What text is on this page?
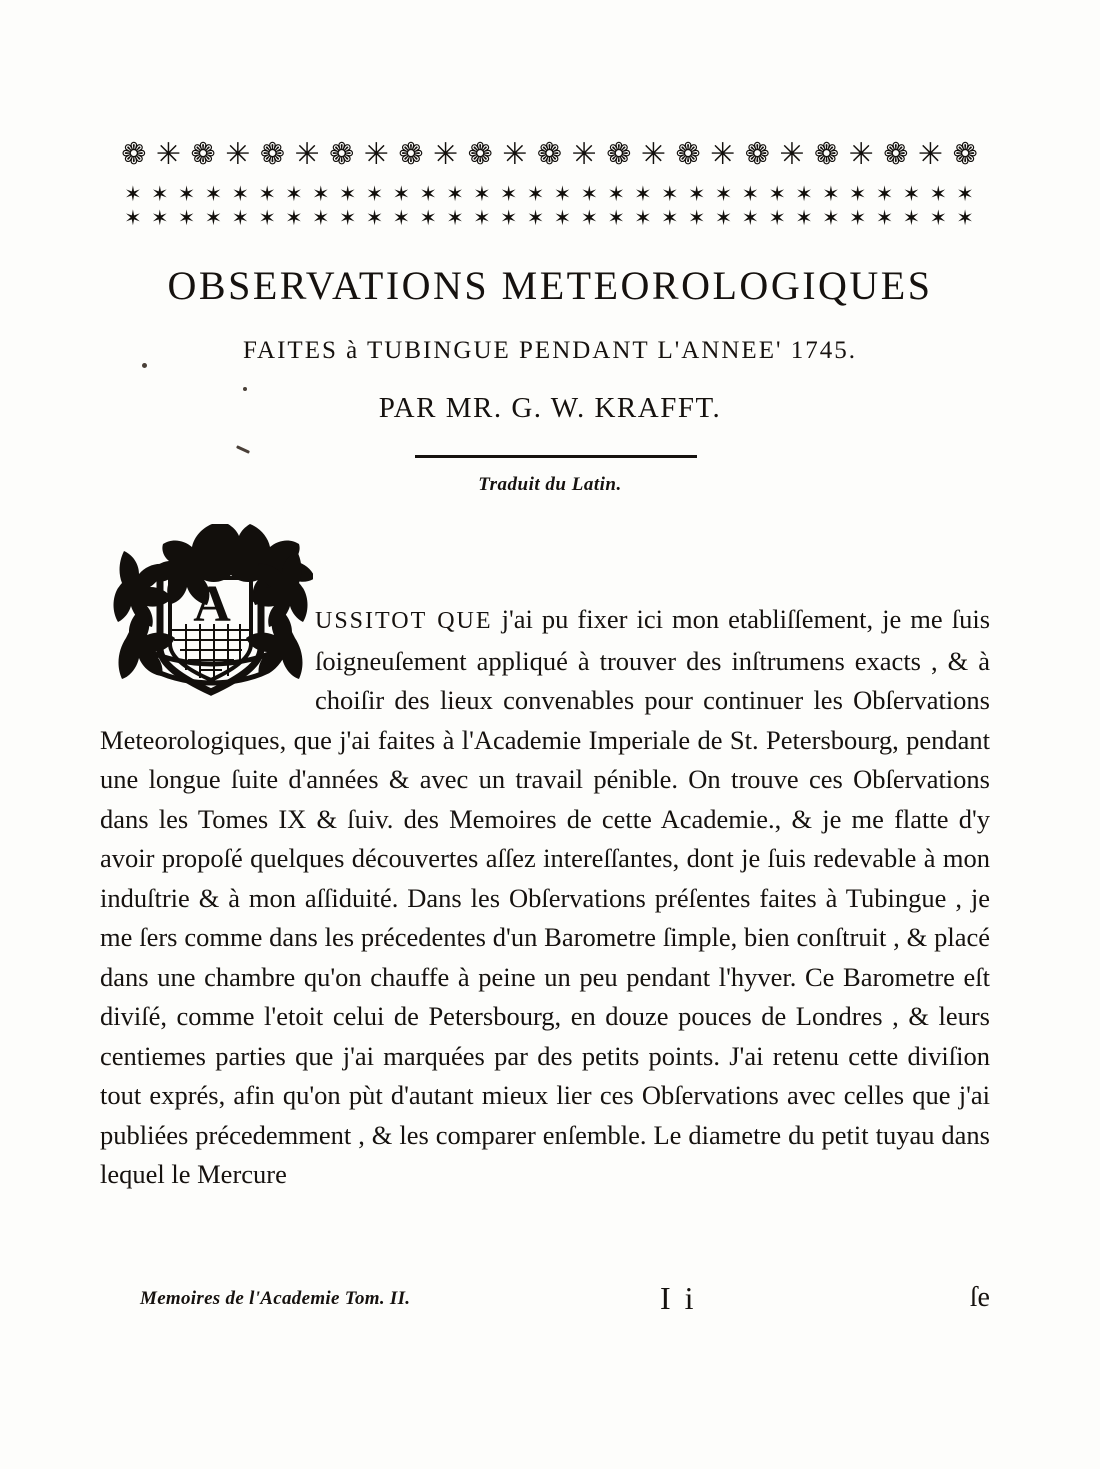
❁ ✳ ❁ ✳ ❁ ✳ ❁ ✳ ❁ ✳ ❁ ✳ ❁ ✳ ❁ ✳ ❁ ✳ ❁ ✳ ❁ ✳ ❁ ✳ ❁
✶ ✶ ✶ ✶ ✶ ✶ ✶ ✶ ✶ ✶ ✶ ✶ ✶ ✶ ✶ ✶ ✶ ✶ ✶ ✶ ✶ ✶ ✶ ✶ ✶ ✶ ✶ ✶ ✶ ✶ ✶ ✶
✶ ✶ ✶ ✶ ✶ ✶ ✶ ✶ ✶ ✶ ✶ ✶ ✶ ✶ ✶ ✶ ✶ ✶ ✶ ✶ ✶ ✶ ✶ ✶ ✶ ✶ ✶ ✶ ✶ ✶ ✶ ✶
OBSERVATIONS METEOROLOGIQUES
FAITES à TUBINGUE PENDANT L'ANNEE' 1745.
PAR MR. G. W. KRAFFT.
Traduit du Latin.
A	USSITOT QUE j'ai pu fixer ici mon etabliſſement, je me ſuis ſoigneuſement appliqué à trouver des inſtrumens exacts , & à choiſir des lieux convenables pour continuer les Obſervations Meteorologiques, que j'ai faites à l'Academie Imperiale de St. Petersbourg, pendant une longue ſuite d'années & avec un travail pénible. On trouve ces Obſervations dans les Tomes IX & ſuiv. des Memoires de cette Academie., & je me flatte d'y avoir propoſé quelques découvertes aſſez intereſſantes, dont je ſuis redevable à mon induſtrie & à mon aſſiduité. Dans les Obſervations préſentes faites à Tubingue , je me ſers comme dans les précedentes d'un Barometre ſimple, bien conſtruit , & placé dans une chambre qu'on chauffe à peine un peu pendant l'hyver. Ce Barometre eſt diviſé, comme l'etoit celui de Petersbourg, en douze pouces de Londres , & leurs centiemes parties que j'ai marquées par des petits points. J'ai retenu cette diviſion tout exprés, afin qu'on pùt d'autant mieux lier ces Obſervations avec celles que j'ai publiées précedemment , & les comparer enſemble. Le diametre du petit tuyau dans lequel le Mercure

Memoires de l'Academie Tom. II.	I i	ſe
